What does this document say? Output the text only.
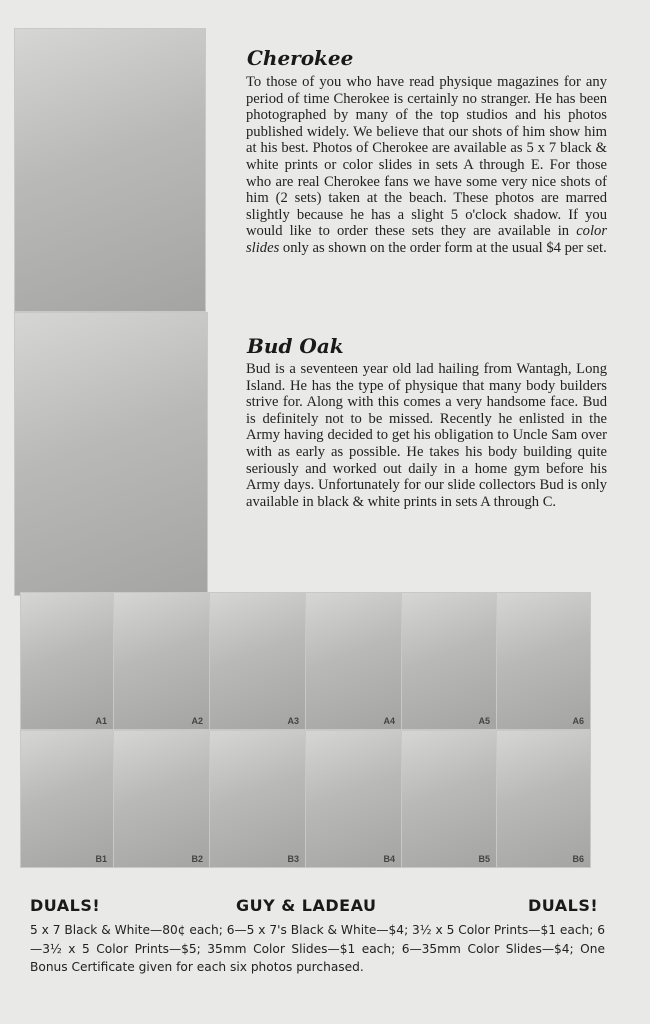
Cherokee
To those of you who have read physique magazines for any period of time Cherokee is certainly no stranger. He has been photographed by many of the top studios and his photos published widely. We believe that our shots of him show him at his best. Photos of Cherokee are available as 5 x 7 black & white prints or color slides in sets A through E. For those who are real Cherokee fans we have some very nice shots of him (2 sets) taken at the beach. These photos are marred slightly because he has a slight 5 o'clock shadow. If you would like to order these sets they are available in color slides only as shown on the order form at the usual $4 per set.
Bud Oak
Bud is a seventeen year old lad hailing from Wantagh, Long Island. He has the type of physique that many body builders strive for. Along with this comes a very handsome face. Bud is definitely not to be missed. Recently he enlisted in the Army having decided to get his obligation to Uncle Sam over with as early as possible. He takes his body building quite seriously and worked out daily in a home gym before his Army days. Unfortunately for our slide collectors Bud is only available in black & white prints in sets A through C.
A1	A2	A3	A4	A5	A6
B1	B2	B3	B4	B5	B6
DUALS!	GUY & LADEAU	DUALS!
5 x 7 Black & White—80¢ each; 6—5 x 7's Black & White—$4; 3½ x 5 Color Prints—$1 each; 6—3½ x 5 Color Prints—$5; 35mm Color Slides—$1 each; 6—35mm Color Slides—$4; One Bonus Certificate given for each six photos purchased.
